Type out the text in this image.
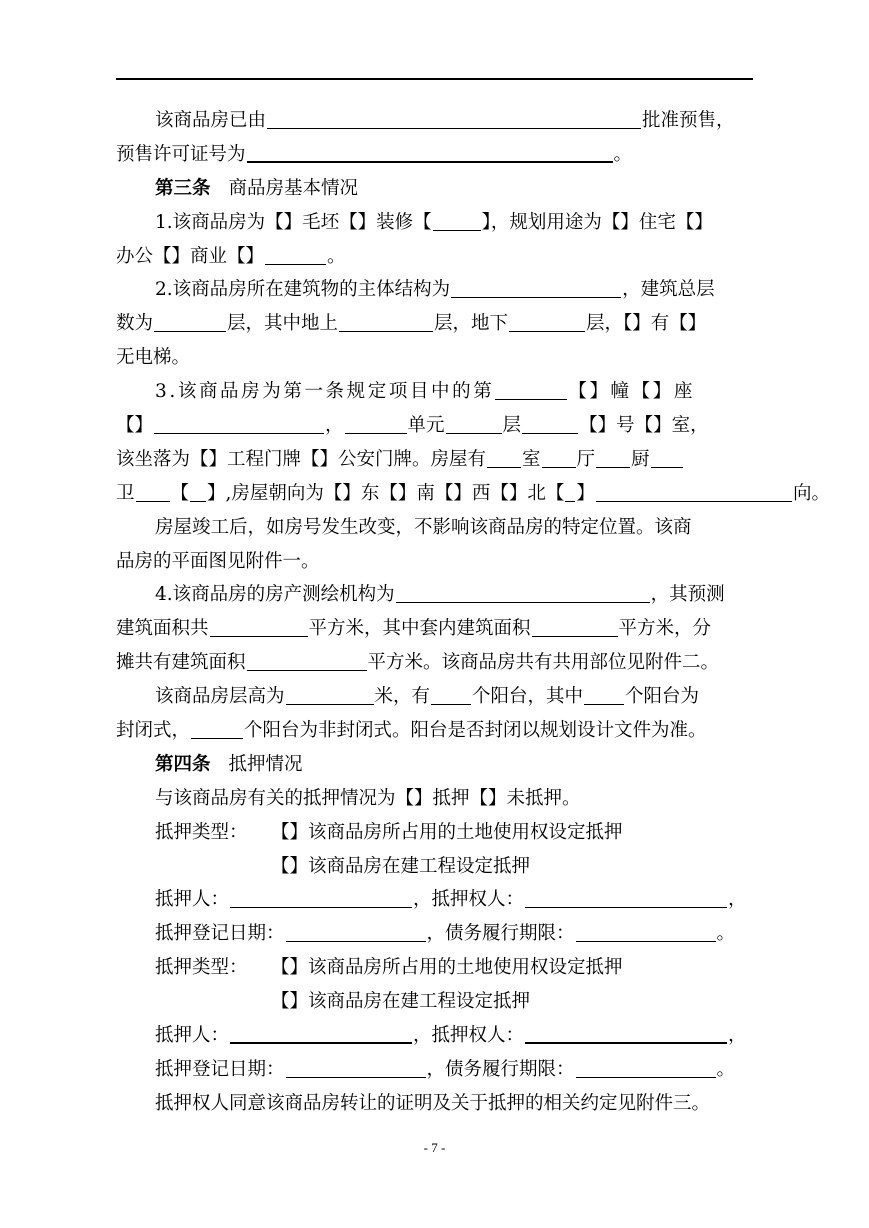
该商品房已由	批准预售，
预售许可证号为	。
第三条 商品房基本情况
1.该商品房为【】毛坯【】装修【	】，规划用途为【】住宅【】
办公【】商业【】	。
2.该商品房所在建筑物的主体结构为	，建筑总层
数为	层，其中地上	层，地下	层，【】有【】
无电梯。
3.该商品房为第一条规定项目中的第	【】幢【】座
【】	，	单元	层	【】号【】室，
该坐落为【】工程门牌【】公安门牌。房屋有 室 厅 厨
卫 【 】,房屋朝向为【】东【】南【】西【】北【 】	向。
房屋竣工后，如房号发生改变，不影响该商品房的特定位置。该商
品房的平面图见附件一。
4.该商品房的房产测绘机构为	，其预测
建筑面积共	平方米，其中套内建筑面积	平方米，分
摊共有建筑面积	平方米。该商品房共有共用部位见附件二。
该商品房层高为	米，有 个阳台，其中 个阳台为
封闭式，	个阳台为非封闭式。阳台是否封闭以规划设计文件为准。
第四条 抵押情况
与该商品房有关的抵押情况为【】抵押【】未抵押。
抵押类型： 【】该商品房所占用的土地使用权设定抵押
【】该商品房在建工程设定抵押
抵押人：	，抵押权人：	，
抵押登记日期：	，债务履行期限：	。
抵押类型： 【】该商品房所占用的土地使用权设定抵押
【】该商品房在建工程设定抵押
抵押人：	，抵押权人：	，
抵押登记日期：	，债务履行期限：	。
抵押权人同意该商品房转让的证明及关于抵押的相关约定见附件三。
- 7 -
